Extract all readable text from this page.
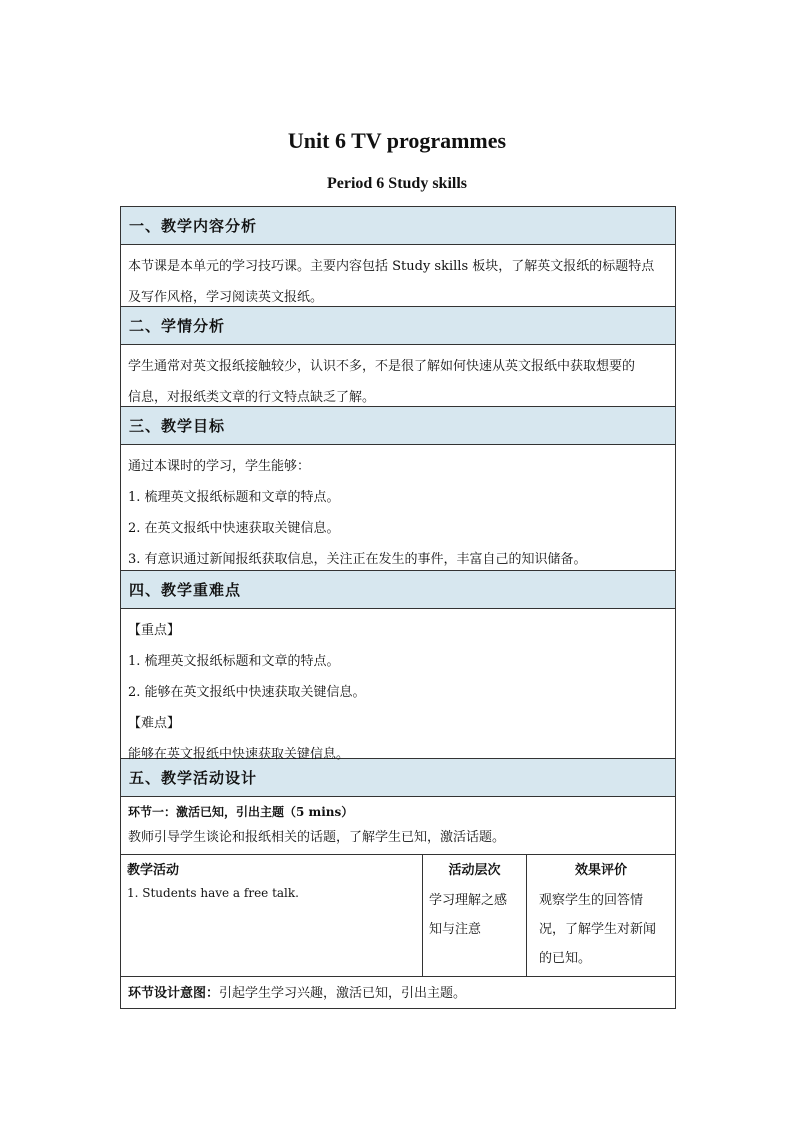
Unit 6 TV programmes
Period 6 Study skills
一、教学内容分析

本节课是本单元的学习技巧课。主要内容包括 Study skills 板块，了解英文报纸的标题特点

及写作风格，学习阅读英文报纸。

二、学情分析

学生通常对英文报纸接触较少，认识不多，不是很了解如何快速从英文报纸中获取想要的

信息，对报纸类文章的行文特点缺乏了解。

三、教学目标

通过本课时的学习，学生能够：

1. 梳理英文报纸标题和文章的特点。

2. 在英文报纸中快速获取关键信息。

3. 有意识通过新闻报纸获取信息，关注正在发生的事件，丰富自己的知识储备。

四、教学重难点

【重点】

1. 梳理英文报纸标题和文章的特点。

2. 能够在英文报纸中快速获取关键信息。

【难点】

能够在英文报纸中快速获取关键信息。

五、教学活动设计

环节一：激活已知，引出主题（5 mins）

教师引导学生谈论和报纸相关的话题，了解学生已知，激活话题。

教学活动
1. Students have a free talk.
活动层次
学习理解之感
知与注意
效果评价
观察学生的回答情
况，了解学生对新闻
的已知。
环节设计意图：引起学生学习兴趣，激活已知，引出主题。
